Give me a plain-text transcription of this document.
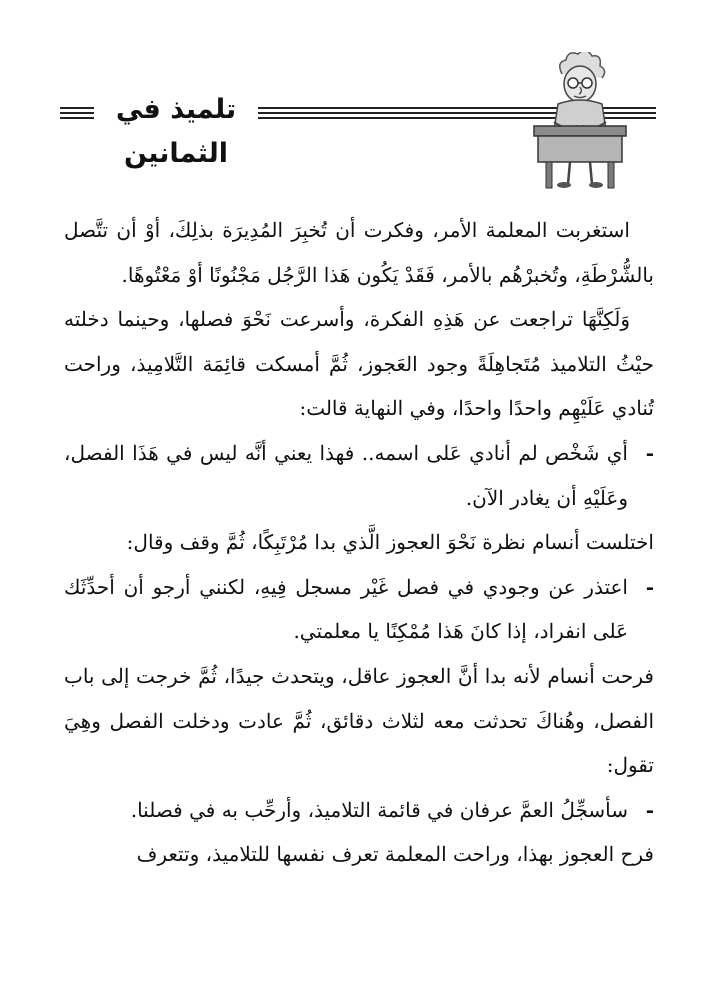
تلميذ في الثمانين

استغربت المعلمة الأمر، وفكرت أن تُخبِرَ المُدِيرَة بذلِكَ، أوْ أن تتَّصل بالشُّرْطَةِ، وتُخبرْهُم بالأمر، فَقَدْ يَكُون هَذا الرَّجُل مَجْنُونًا أوْ مَعْتُوهًا.

وَلَكِنَّهَا تراجعت عن هَذِهِ الفكرة، وأسرعت نَحْوَ فصلها، وحينما دخلته حيْثُ التلاميذ مُتَجاهِلَةً وجود العَجوز، ثُمَّ أمسكت قائِمَة التَّلامِيذ، وراحت تُنادي عَلَيْهِم واحدًا واحدًا، وفي النهاية قالت:

- أي شَخْص لم أنادي عَلى اسمه.. فهذا يعني أنَّه ليس في هَذَا الفصل، وعَلَيْهِ أن يغادر الآن.

اختلست أنسام نظرة نَحْوَ العجوز الَّذي بدا مُرْتَبِكًا، ثُمَّ وقف وقال:

- اعتذر عن وجودي في فصل غَيْر مسجل فِيهِ، لكنني أرجو أن أحدِّثَك عَلى انفراد، إذا كانَ هَذا مُمْكِنًا يا معلمتي.

فرحت أنسام لأنه بدا أنَّ العجوز عاقل، ويتحدث جيدًا، ثُمَّ خرجت إلى باب الفصل، وهُناكَ تحدثت معه لثلاث دقائق، ثُمَّ عادت ودخلت الفصل وهِيَ تقول:

- سأسجِّلُ العمَّ عرفان في قائمة التلاميذ، وأرحِّب به في فصلنا.

فرح العجوز بهذا، وراحت المعلمة تعرف نفسها للتلاميذ، وتتعرف
